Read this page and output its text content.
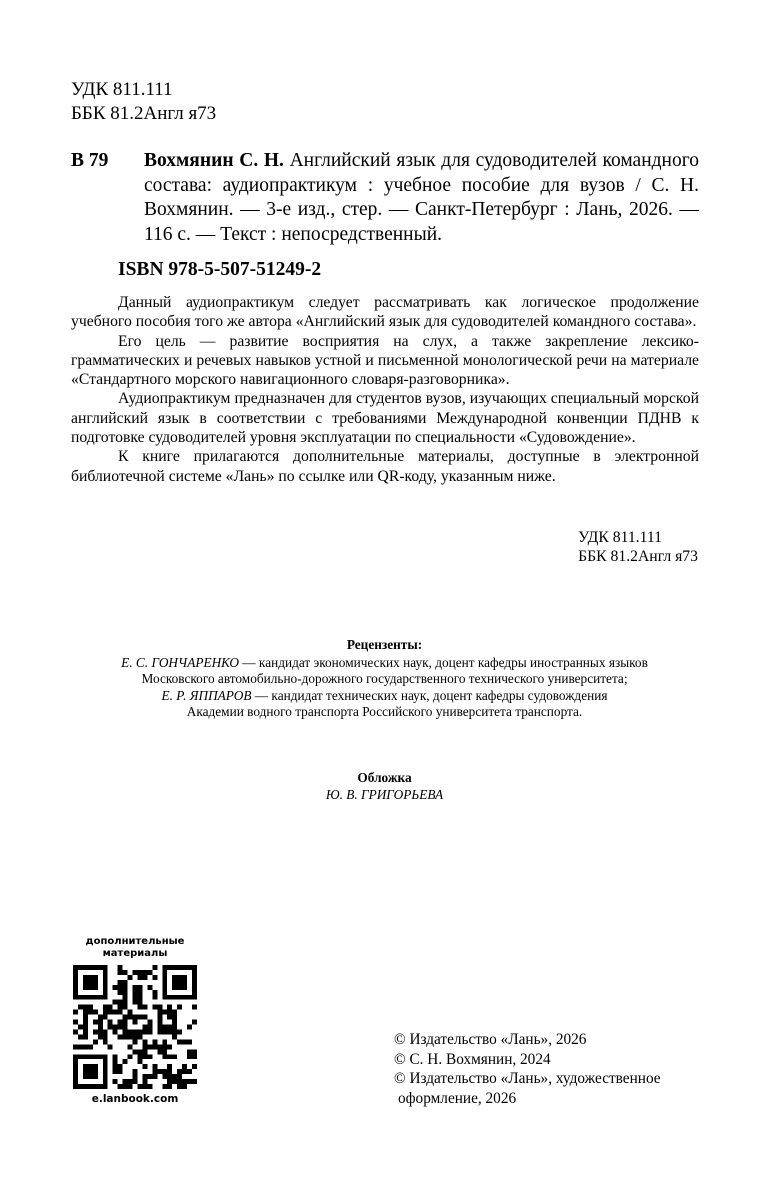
УДК 811.111
ББК 81.2Англ я73
В 79	Вохмянин С. Н. Английский язык для судоводителей командного состава: аудиопрактикум : учебное пособие для вузов / С. Н. Вохмянин. — 3-е изд., стер. — Санкт-Петербург : Лань, 2026. — 116 с. — Текст : непосредственный.
ISBN 978-5-507-51249-2

Данный аудиопрактикум следует рассматривать как логическое продолжение учебного пособия того же автора «Английский язык для судоводителей командного состава».

Его цель — развитие восприятия на слух, а также закрепление лексико-грамматических и речевых навыков устной и письменной монологической речи на материале «Стандартного морского навигационного словаря-разговорника».

Аудиопрактикум предназначен для студентов вузов, изучающих специальный морской английский язык в соответствии с требованиями Международной конвенции ПДНВ к подготовке судоводителей уровня эксплуатации по специальности «Судовождение».

К книге прилагаются дополнительные материалы, доступные в электронной библиотечной системе «Лань» по ссылке или QR-коду, указанным ниже.

УДК 811.111
ББК 81.2Англ я73
Рецензенты:
Е. С. ГОНЧАРЕНКО — кандидат экономических наук, доцент кафедры иностранных языков
Московского автомобильно-дорожного государственного технического университета;
Е. Р. ЯППАРОВ — кандидат технических наук, доцент кафедры судовождения
Академии водного транспорта Российского университета транспорта.
Обложка
Ю. В. ГРИГОРЬЕВА
дополнительные
материалы
e.lanbook.com
© Издательство «Лань», 2026
© С. Н. Вохмянин, 2024
© Издательство «Лань», художественное
оформление, 2026
